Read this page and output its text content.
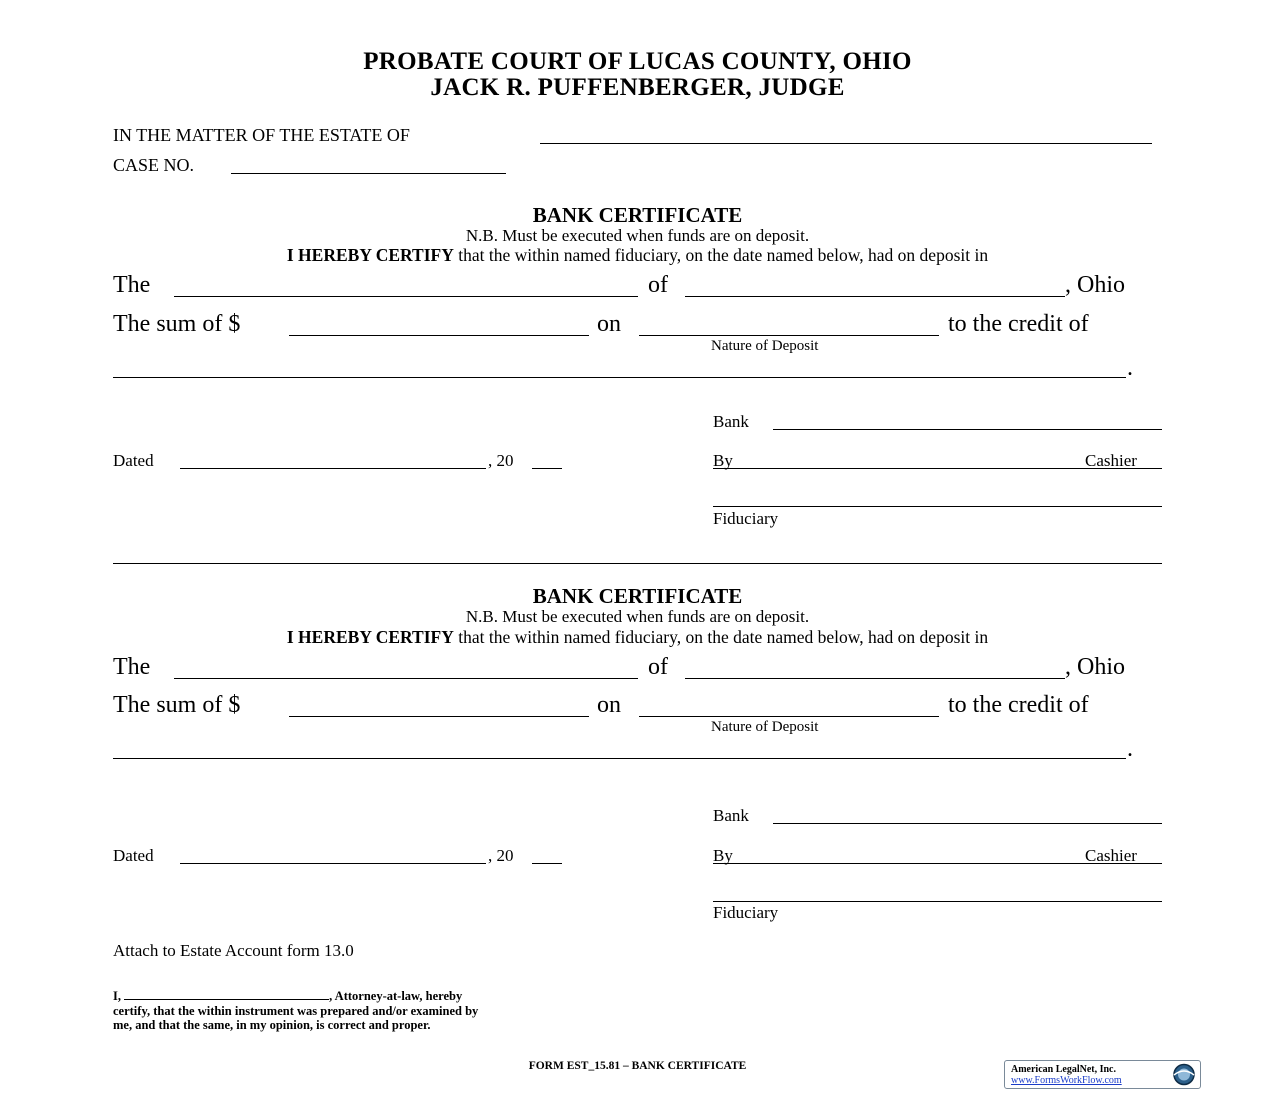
PROBATE COURT OF LUCAS COUNTY, OHIO
JACK R. PUFFENBERGER, JUDGE
IN THE MATTER OF THE ESTATE OF
CASE NO.
BANK CERTIFICATE
N.B. Must be executed when funds are on deposit.
I HEREBY CERTIFY that the within named fiduciary, on the date named below, had on deposit in
The	of	, Ohio
The sum of $	on	to the credit of
Nature of Deposit
.
Bank
Dated	, 20	By	Cashier
Fiduciary
BANK CERTIFICATE
N.B. Must be executed when funds are on deposit.
I HEREBY CERTIFY that the within named fiduciary, on the date named below, had on deposit in
The	of	, Ohio
The sum of $	on	to the credit of
Nature of Deposit
.
Bank
Dated	, 20	By	Cashier
Fiduciary
Attach to Estate Account form 13.0
I,	, Attorney-at-law, hereby certify, that the within instrument was prepared and/or examined by me, and that the same, in my opinion, is correct and proper.
FORM EST_15.81 – BANK CERTIFICATE	American LegalNet, Inc.
www.FormsWorkFlow.com
